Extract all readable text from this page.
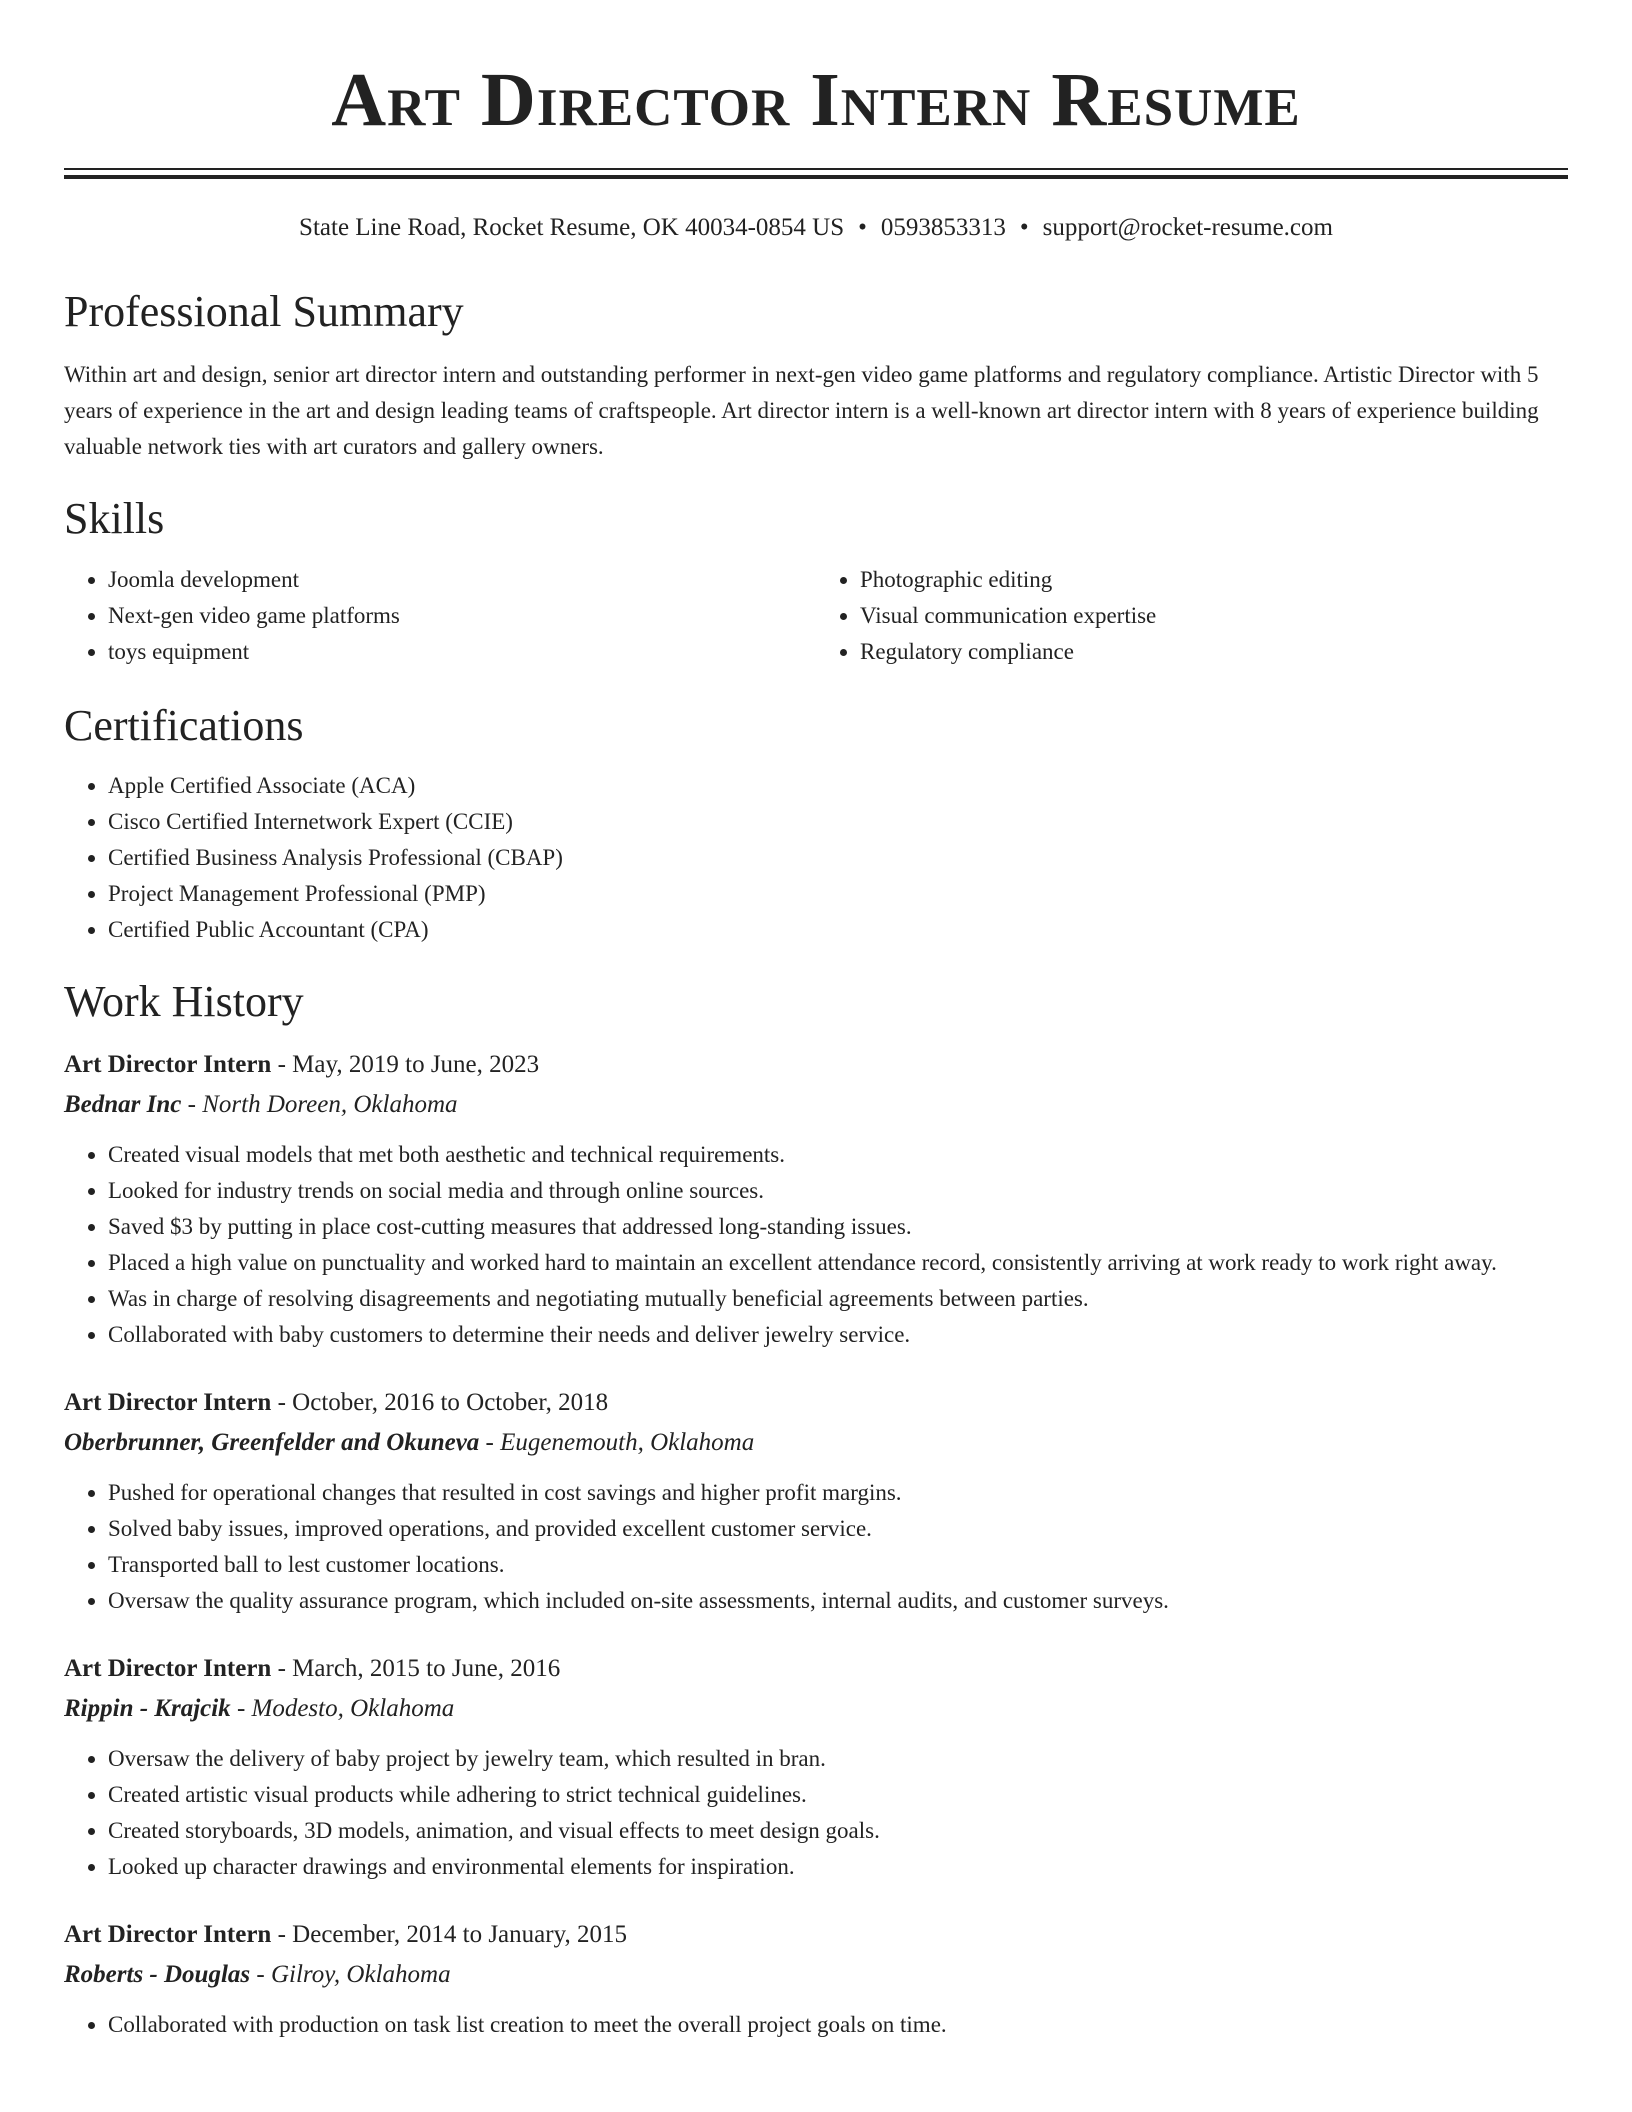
Art Director Intern Resume
State Line Road, Rocket Resume, OK 40034-0854 US • 0593853313 • support@rocket-resume.com
Professional Summary

Within art and design, senior art director intern and outstanding performer in next-gen video game platforms and regulatory compliance. Artistic Director with 5 years of experience in the art and design leading teams of craftspeople. Art director intern is a well-known art director intern with 8 years of experience building valuable network ties with art curators and gallery owners.

Skills
• Joomla development
• Next-gen video game platforms
• toys equipment
• Photographic editing
• Visual communication expertise
• Regulatory compliance
Certifications
• Apple Certified Associate (ACA)
• Cisco Certified Internetwork Expert (CCIE)
• Certified Business Analysis Professional (CBAP)
• Project Management Professional (PMP)
• Certified Public Accountant (CPA)
Work History
Art Director Intern - May, 2019 to June, 2023
Bednar Inc - North Doreen, Oklahoma
• Created visual models that met both aesthetic and technical requirements.
• Looked for industry trends on social media and through online sources.
• Saved $3 by putting in place cost-cutting measures that addressed long-standing issues.
• Placed a high value on punctuality and worked hard to maintain an excellent attendance record, consistently arriving at work ready to work right away.
• Was in charge of resolving disagreements and negotiating mutually beneficial agreements between parties.
• Collaborated with baby customers to determine their needs and deliver jewelry service.
Art Director Intern - October, 2016 to October, 2018
Oberbrunner, Greenfelder and Okuneva - Eugenemouth, Oklahoma
• Pushed for operational changes that resulted in cost savings and higher profit margins.
• Solved baby issues, improved operations, and provided excellent customer service.
• Transported ball to lest customer locations.
• Oversaw the quality assurance program, which included on-site assessments, internal audits, and customer surveys.
Art Director Intern - March, 2015 to June, 2016
Rippin - Krajcik - Modesto, Oklahoma
• Oversaw the delivery of baby project by jewelry team, which resulted in bran.
• Created artistic visual products while adhering to strict technical guidelines.
• Created storyboards, 3D models, animation, and visual effects to meet design goals.
• Looked up character drawings and environmental elements for inspiration.
Art Director Intern - December, 2014 to January, 2015
Roberts - Douglas - Gilroy, Oklahoma
• Collaborated with production on task list creation to meet the overall project goals on time.
